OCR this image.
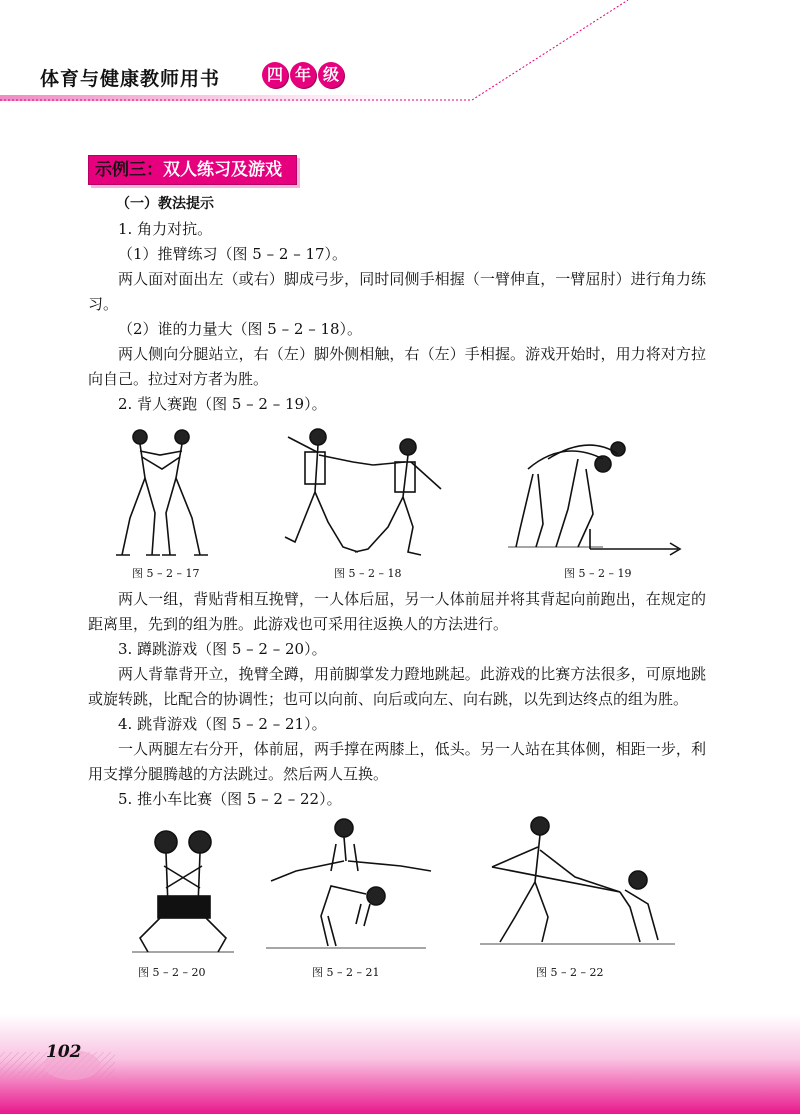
体育与健康教师用书	四 年 级
示例三：双人练习及游戏

（一）教法提示

1. 角力对抗。

（1）推臂练习（图 5 – 2 – 17）。

两人面对面出左（或右）脚成弓步，同时同侧手相握（一臂伸直，一臂屈肘）进行角力练习。

（2）谁的力量大（图 5 – 2 – 18）。

两人侧向分腿站立，右（左）脚外侧相触，右（左）手相握。游戏开始时，用力将对方拉向自己。拉过对方者为胜。

2. 背人赛跑（图 5 – 2 – 19）。

图 5 – 2 – 17	图 5 – 2 – 18	图 5 – 2 – 19

两人一组，背贴背相互挽臂，一人体后屈，另一人体前屈并将其背起向前跑出，在规定的距离里，先到的组为胜。此游戏也可采用往返换人的方法进行。

3. 蹲跳游戏（图 5 – 2 – 20）。

两人背靠背开立，挽臂全蹲，用前脚掌发力蹬地跳起。此游戏的比赛方法很多，可原地跳或旋转跳，比配合的协调性；也可以向前、向后或向左、向右跳，以先到达终点的组为胜。

4. 跳背游戏（图 5 – 2 – 21）。

一人两腿左右分开，体前屈，两手撑在两膝上，低头。另一人站在其体侧，相距一步，利用支撑分腿腾越的方法跳过。然后两人互换。

5. 推小车比赛（图 5 – 2 – 22）。

图 5 – 2 – 20	图 5 – 2 – 21	图 5 – 2 – 22
102
